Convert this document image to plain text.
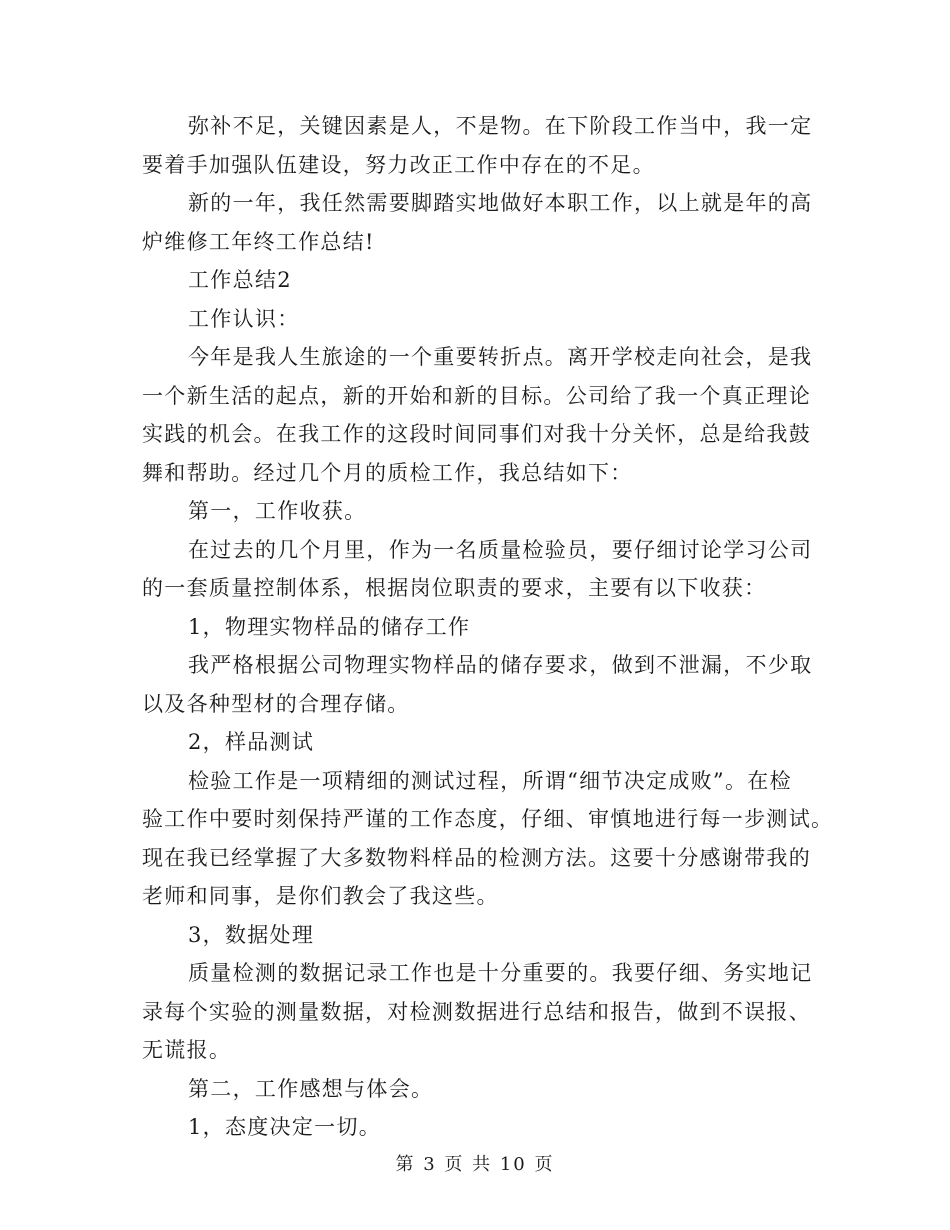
弥补不足，关键因素是人，不是物。在下阶段工作当中，我一定
要着手加强队伍建设，努力改正工作中存在的不足。
新的一年，我任然需要脚踏实地做好本职工作，以上就是年的高
炉维修工年终工作总结!
工作总结2
工作认识：
今年是我人生旅途的一个重要转折点。离开学校走向社会，是我
一个新生活的起点，新的开始和新的目标。公司给了我一个真正理论
实践的机会。在我工作的这段时间同事们对我十分关怀，总是给我鼓
舞和帮助。经过几个月的质检工作，我总结如下：
第一，工作收获。
在过去的几个月里，作为一名质量检验员，要仔细讨论学习公司
的一套质量控制体系，根据岗位职责的要求，主要有以下收获：
1，物理实物样品的储存工作
我严格根据公司物理实物样品的储存要求，做到不泄漏，不少取
以及各种型材的合理存储。
2，样品测试
检验工作是一项精细的测试过程，所谓“细节决定成败”。在检
验工作中要时刻保持严谨的工作态度，仔细、审慎地进行每一步测试。
现在我已经掌握了大多数物料样品的检测方法。这要十分感谢带我的
老师和同事，是你们教会了我这些。
3，数据处理
质量检测的数据记录工作也是十分重要的。我要仔细、务实地记
录每个实验的测量数据，对检测数据进行总结和报告，做到不误报、
无谎报。
第二，工作感想与体会。
1，态度决定一切。
第 3 页 共 10 页
